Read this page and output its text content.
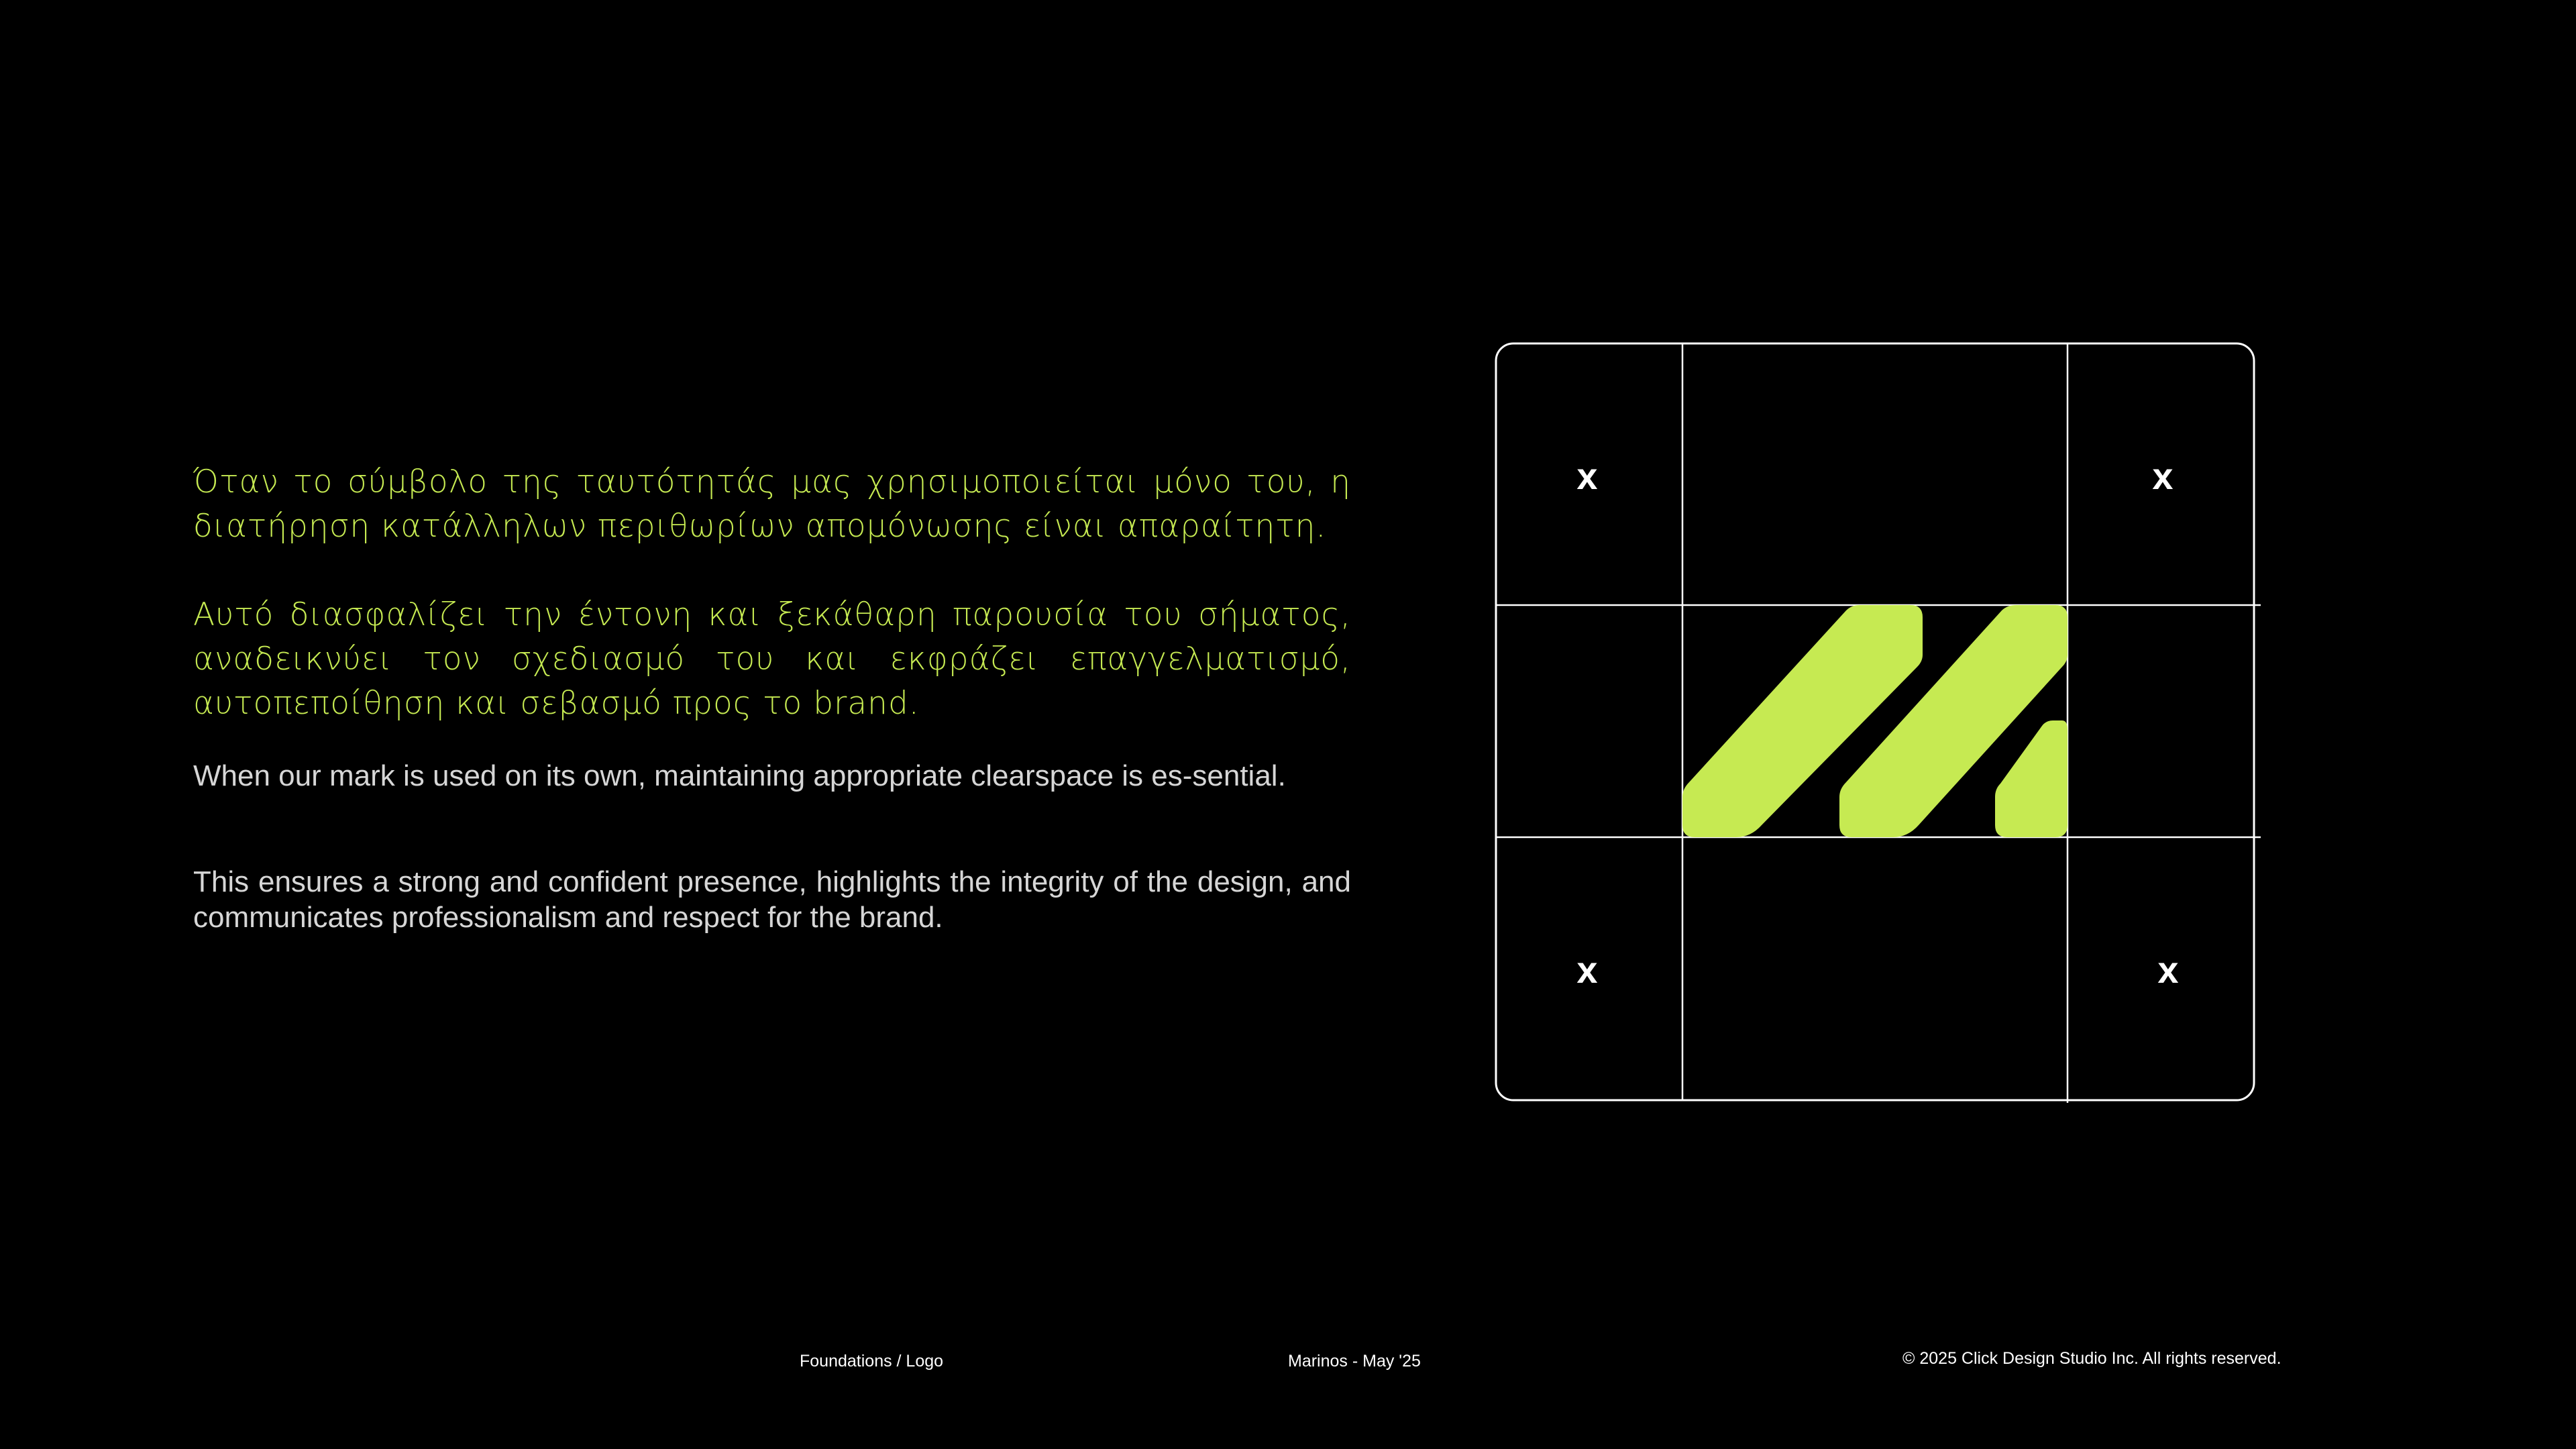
Όταν το σύμβολο της ταυτότητάς μας χρησιμοποιείται μόνο του, η διατήρηση κατάλληλων περιθωρίων απομόνωσης είναι απαραίτητη.

Αυτό διασφαλίζει την έντονη και ξεκάθαρη παρουσία του σήματος, αναδεικνύει τον σχεδιασμό του και εκφράζει επαγγελματισμό, αυτοπεποίθηση και σεβασμό προς το brand.

When our mark is used on its own, maintaining appropriate clearspace is es-sential.

This ensures a strong and confident presence, highlights the integrity of the design, and communicates professionalism and respect for the brand.

x	x
x	x
Foundations / Logo	Marinos - May '25	© 2025 Click Design Studio Inc. All rights reserved.
